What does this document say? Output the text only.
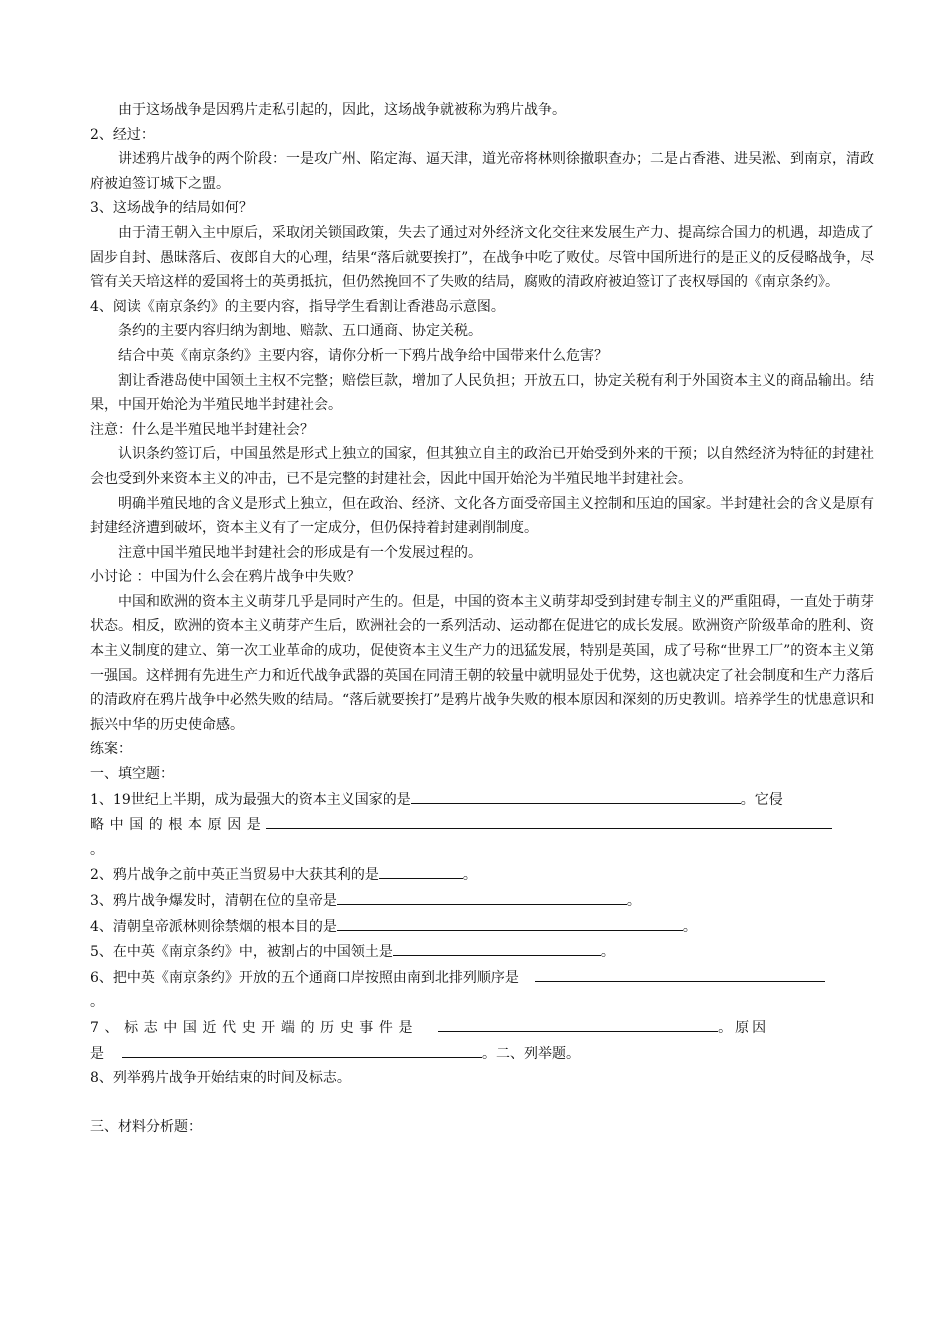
由于这场战争是因鸦片走私引起的，因此，这场战争就被称为鸦片战争。

2、经过：

讲述鸦片战争的两个阶段：一是攻广州、陷定海、逼天津，道光帝将林则徐撤职查办；二是占香港、进吴淞、到南京，清政府被迫签订城下之盟。

3、这场战争的结局如何？

由于清王朝入主中原后，采取闭关锁国政策，失去了通过对外经济文化交往来发展生产力、提高综合国力的机遇，却造成了固步自封、愚昧落后、夜郎自大的心理，结果“落后就要挨打”，在战争中吃了败仗。尽管中国所进行的是正义的反侵略战争，尽管有关天培这样的爱国将士的英勇抵抗，但仍然挽回不了失败的结局，腐败的清政府被迫签订了丧权辱国的《南京条约》。

4、阅读《南京条约》的主要内容，指导学生看割让香港岛示意图。

条约的主要内容归纳为割地、赔款、五口通商、协定关税。

结合中英《南京条约》主要内容，请你分析一下鸦片战争给中国带来什么危害？

割让香港岛使中国领土主权不完整；赔偿巨款，增加了人民负担；开放五口，协定关税有利于外国资本主义的商品输出。结果，中国开始沦为半殖民地半封建社会。

注意：什么是半殖民地半封建社会？

认识条约签订后，中国虽然是形式上独立的国家，但其独立自主的政治已开始受到外来的干预；以自然经济为特征的封建社会也受到外来资本主义的冲击，已不是完整的封建社会，因此中国开始沦为半殖民地半封建社会。

明确半殖民地的含义是形式上独立，但在政治、经济、文化各方面受帝国主义控制和压迫的国家。半封建社会的含义是原有封建经济遭到破坏，资本主义有了一定成分，但仍保持着封建剥削制度。

注意中国半殖民地半封建社会的形成是有一个发展过程的。

小讨论 ：中国为什么会在鸦片战争中失败？

中国和欧洲的资本主义萌芽几乎是同时产生的。但是，中国的资本主义萌芽却受到封建专制主义的严重阻碍，一直处于萌芽状态。相反，欧洲的资本主义萌芽产生后，欧洲社会的一系列活动、运动都在促进它的成长发展。欧洲资产阶级革命的胜利、资本主义制度的建立、第一次工业革命的成功，促使资本主义生产力的迅猛发展，特别是英国，成了号称“世界工厂”的资本主义第一强国。这样拥有先进生产力和近代战争武器的英国在同清王朝的较量中就明显处于优势，这也就决定了社会制度和生产力落后的清政府在鸦片战争中必然失败的结局。“落后就要挨打”是鸦片战争失败的根本原因和深刻的历史教训。培养学生的忧患意识和振兴中华的历史使命感。

练案：

一、填空题：

1、19世纪上半期，成为最强大的资本主义国家的是	。它侵

略中国的根本原因是

。

2、鸦片战争之前中英正当贸易中大获其利的是	。

3、鸦片战争爆发时，清朝在位的皇帝是	。

4、清朝皇帝派林则徐禁烟的根本目的是	。

5、在中英《南京条约》中，被割占的中国领土是	。

6、把中英《南京条约》开放的五个通商口岸按照由南到北排列顺序是

。

7、标志中国近代史开端的历史事件是	。原因

是	。二、列举题。

8、列举鸦片战争开始结束的时间及标志。

三、材料分析题：
